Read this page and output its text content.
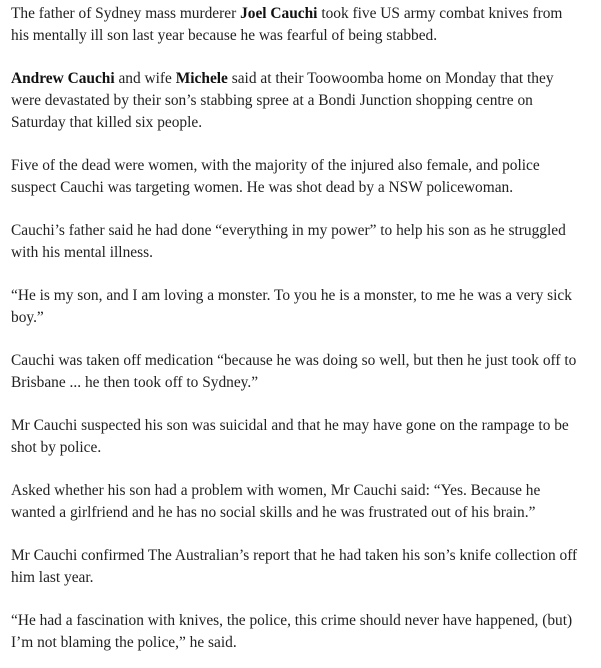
The father of Sydney mass murderer Joel Cauchi took five US army combat knives from his mentally ill son last year because he was fearful of being stabbed.

Andrew Cauchi and wife Michele said at their Toowoomba home on Monday that they were devastated by their son’s stabbing spree at a Bondi Junction shopping centre on Saturday that killed six people.

Five of the dead were women, with the majority of the injured also female, and police suspect Cauchi was targeting women. He was shot dead by a NSW policewoman.

Cauchi’s father said he had done “everything in my power” to help his son as he struggled with his mental illness.

“He is my son, and I am loving a monster. To you he is a monster, to me he was a very sick boy.”

Cauchi was taken off medication “because he was doing so well, but then he just took off to Brisbane ... he then took off to Sydney.”

Mr Cauchi suspected his son was suicidal and that he may have gone on the rampage to be shot by police.

Asked whether his son had a problem with women, Mr Cauchi said: “Yes. Because he wanted a girlfriend and he has no social skills and he was frustrated out of his brain.”

Mr Cauchi confirmed The Australian’s report that he had taken his son’s knife collection off him last year.

“He had a fascination with knives, the police, this crime should never have happened, (but) I’m not blaming the police,” he said.
